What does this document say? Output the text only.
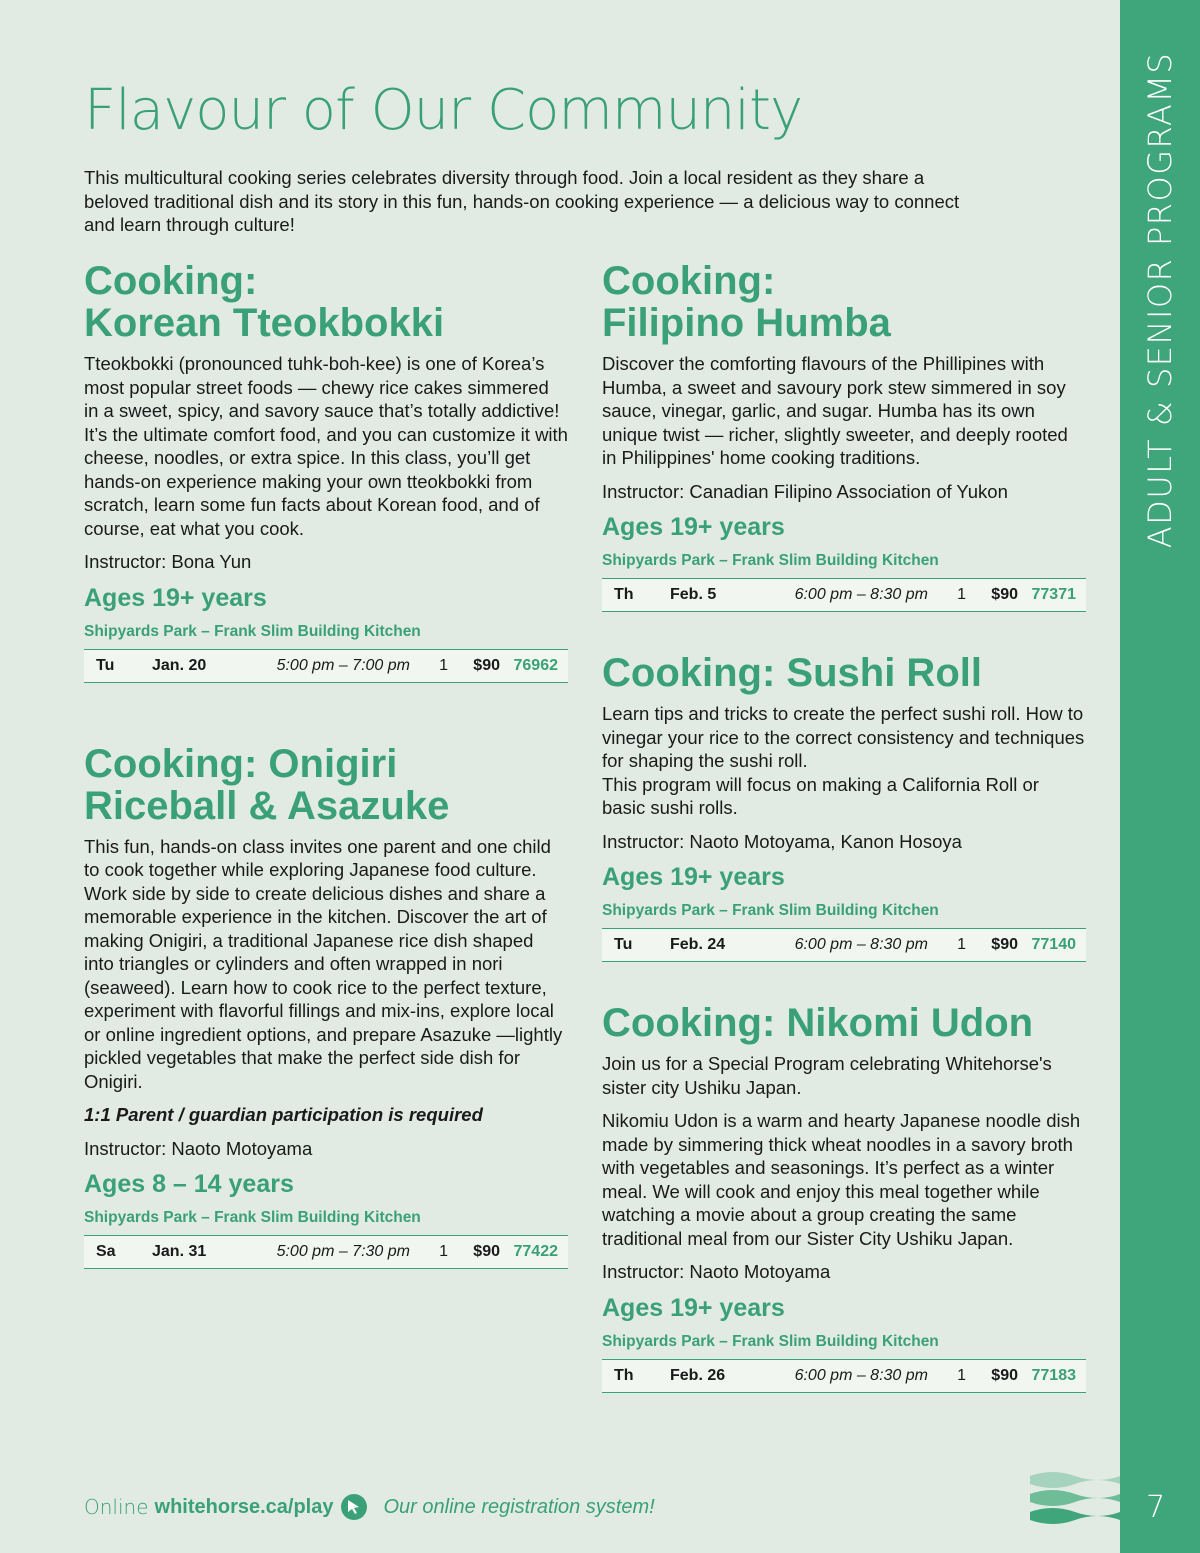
ADULT & SENIOR PROGRAMS
Flavour of Our Community

This multicultural cooking series celebrates diversity through food. Join a local resident as they share a beloved traditional dish and its story in this fun, hands-on cooking experience — a delicious way to connect and learn through culture!

Cooking:
Korean Tteokbokki

Tteokbokki (pronounced tuhk-boh-kee) is one of Korea’s most popular street foods — chewy rice cakes simmered in a sweet, spicy, and savory sauce that’s totally addictive! It’s the ultimate comfort food, and you can customize it with cheese, noodles, or extra spice. In this class, you’ll get hands-on experience making your own tteokbokki from scratch, learn some fun facts about Korean food, and of course, eat what you cook.

Instructor: Bona Yun

Ages 19+ years
Shipyards Park – Frank Slim Building Kitchen
Tu	Jan. 20	5:00 pm – 7:00 pm	1	$90 76962
Cooking: Onigiri
Riceball & Asazuke

This fun, hands-on class invites one parent and one child to cook together while exploring Japanese food culture. Work side by side to create delicious dishes and share a memorable experience in the kitchen. Discover the art of making Onigiri, a traditional Japanese rice dish shaped into triangles or cylinders and often wrapped in nori (seaweed). Learn how to cook rice to the perfect texture, experiment with flavorful fillings and mix-ins, explore local or online ingredient options, and prepare Asazuke —lightly pickled vegetables that make the perfect side dish for Onigiri.

1:1 Parent / guardian participation is required

Instructor: Naoto Motoyama

Ages 8 – 14 years
Shipyards Park – Frank Slim Building Kitchen
Sa	Jan. 31	5:00 pm – 7:30 pm	1	$90 77422
Cooking:
Filipino Humba

Discover the comforting flavours of the Phillipines with Humba, a sweet and savoury pork stew simmered in soy sauce, vinegar, garlic, and sugar. Humba has its own unique twist — richer, slightly sweeter, and deeply rooted in Philippines' home cooking traditions.

Instructor: Canadian Filipino Association of Yukon

Ages 19+ years
Shipyards Park – Frank Slim Building Kitchen
Th	Feb. 5	6:00 pm – 8:30 pm	1	$90 77371
Cooking: Sushi Roll

Learn tips and tricks to create the perfect sushi roll. How to vinegar your rice to the correct consistency and techniques for shaping the sushi roll.
This program will focus on making a California Roll or basic sushi rolls.

Instructor: Naoto Motoyama, Kanon Hosoya

Ages 19+ years
Shipyards Park – Frank Slim Building Kitchen
Tu	Feb. 24	6:00 pm – 8:30 pm	1	$90 77140
Cooking: Nikomi Udon

Join us for a Special Program celebrating Whitehorse's sister city Ushiku Japan.

Nikomiu Udon is a warm and hearty Japanese noodle dish made by simmering thick wheat noodles in a savory broth with vegetables and seasonings. It’s perfect as a winter meal. We will cook and enjoy this meal together while watching a movie about a group creating the same traditional meal from our Sister City Ushiku Japan.

Instructor: Naoto Motoyama

Ages 19+ years
Shipyards Park – Frank Slim Building Kitchen
Th	Feb. 26	6:00 pm – 8:30 pm	1	$90 77183
Online whitehorse.ca/play	Our online registration system!	7
